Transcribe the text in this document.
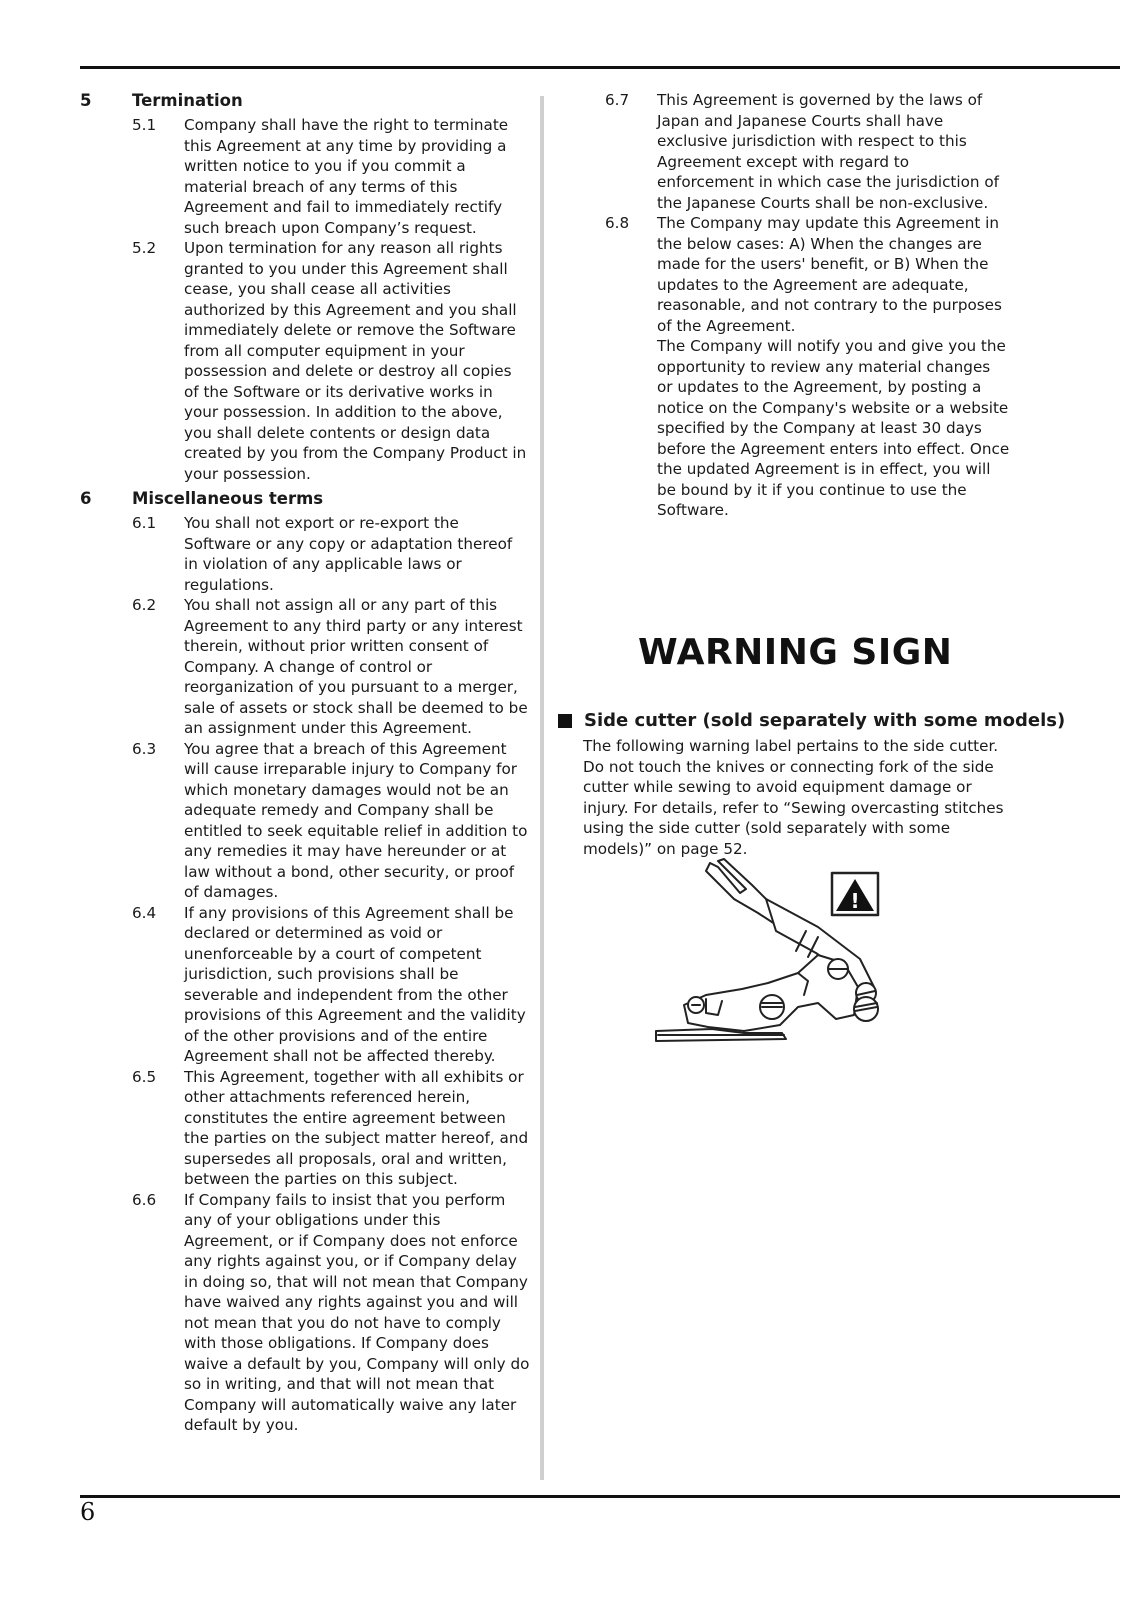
5	Termination
5.1	Company shall have the right to terminate this Agreement at any time by providing a written notice to you if you commit a material breach of any terms of this Agreement and fail to immediately rectify such breach upon Company’s request.
5.2	Upon termination for any reason all rights granted to you under this Agreement shall cease, you shall cease all activities authorized by this Agreement and you shall immediately delete or remove the Software from all computer equipment in your possession and delete or destroy all copies of the Software or its derivative works in your possession. In addition to the above, you shall delete contents or design data created by you from the Company Product in your possession.
6	Miscellaneous terms
6.1	You shall not export or re-export the Software or any copy or adaptation thereof in violation of any applicable laws or regulations.
6.2	You shall not assign all or any part of this Agreement to any third party or any interest therein, without prior written consent of Company. A change of control or reorganization of you pursuant to a merger, sale of assets or stock shall be deemed to be an assignment under this Agreement.
6.3	You agree that a breach of this Agreement will cause irreparable injury to Company for which monetary damages would not be an adequate remedy and Company shall be entitled to seek equitable relief in addition to any remedies it may have hereunder or at law without a bond, other security, or proof of damages.
6.4	If any provisions of this Agreement shall be declared or determined as void or unenforceable by a court of competent jurisdiction, such provisions shall be severable and independent from the other provisions of this Agreement and the validity of the other provisions and of the entire Agreement shall not be affected thereby.
6.5	This Agreement, together with all exhibits or other attachments referenced herein, constitutes the entire agreement between the parties on the subject matter hereof, and supersedes all proposals, oral and written, between the parties on this subject.
6.6	If Company fails to insist that you perform any of your obligations under this Agreement, or if Company does not enforce any rights against you, or if Company delay in doing so, that will not mean that Company have waived any rights against you and will not mean that you do not have to comply with those obligations. If Company does waive a default by you, Company will only do so in writing, and that will not mean that Company will automatically waive any later default by you.
6.7	This Agreement is governed by the laws of Japan and Japanese Courts shall have exclusive jurisdiction with respect to this Agreement except with regard to enforcement in which case the jurisdiction of the Japanese Courts shall be non-exclusive.
6.8	The Company may update this Agreement in the below cases: A) When the changes are made for the users' benefit, or B) When the updates to the Agreement are adequate, reasonable, and not contrary to the purposes of the Agreement.
The Company will notify you and give you the opportunity to review any material changes or updates to the Agreement, by posting a notice on the Company's website or a website specified by the Company at least 30 days before the Agreement enters into effect. Once the updated Agreement is in effect, you will be bound by it if you continue to use the Software.
WARNING SIGN
Side cutter (sold separately with some models)
The following warning label pertains to the side cutter. Do not touch the knives or connecting fork of the side cutter while sewing to avoid equipment damage or injury. For details, refer to “Sewing overcasting stitches using the side cutter (sold separately with some models)” on page 52.
!
6
